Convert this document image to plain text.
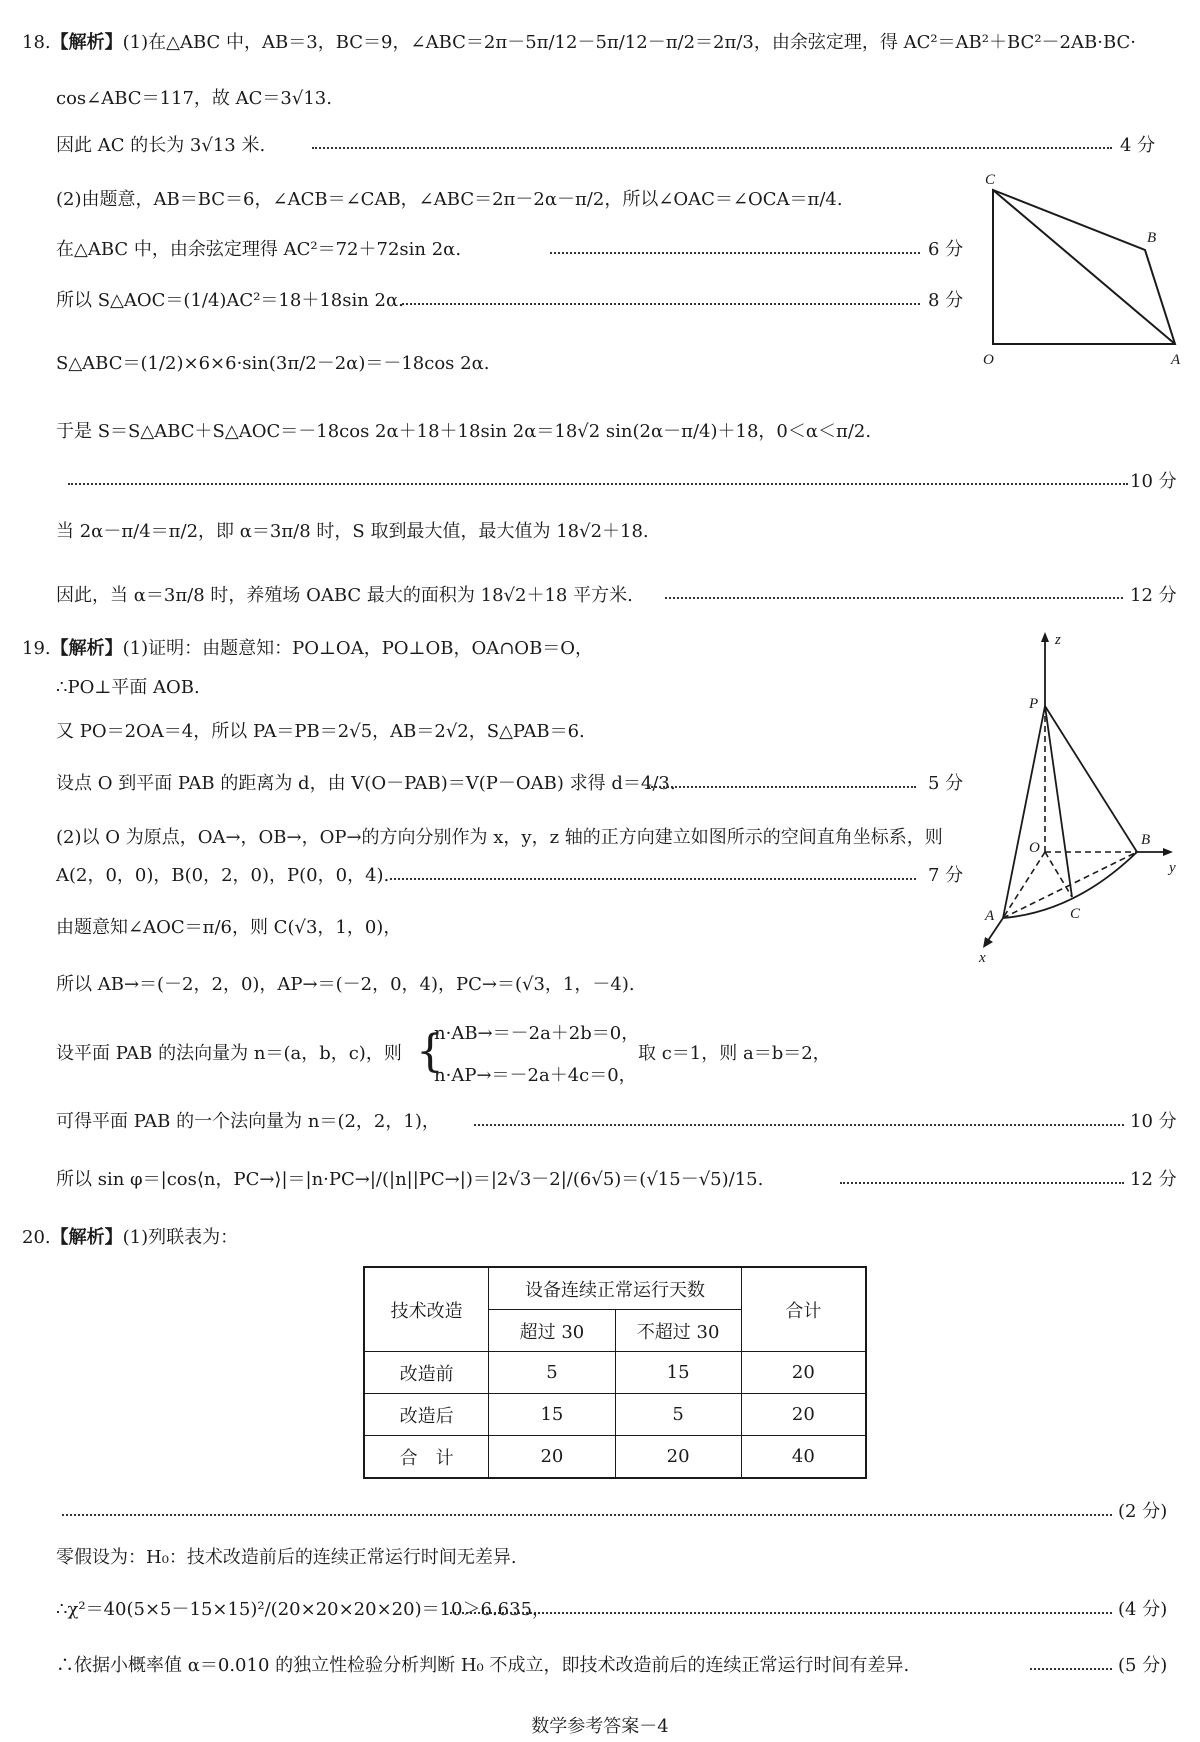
18.【解析】(1)在△ABC 中，AB＝3，BC＝9，∠ABC＝2π－5π/12－5π/12－π/2＝2π/3，由余弦定理，得 AC²＝AB²＋BC²－2AB·BC·
cos∠ABC＝117，故 AC＝3√13.
因此 AC 的长为 3√13 米.	4 分
(2)由题意，AB＝BC＝6，∠ACB＝∠CAB，∠ABC＝2π－2α－π/2，所以∠OAC＝∠OCA＝π/4.
在△ABC 中，由余弦定理得 AC²＝72＋72sin 2α.	6 分
所以 S△AOC＝(1/4)AC²＝18＋18sin 2α.	8 分
S△ABC＝(1/2)×6×6·sin(3π/2－2α)＝－18cos 2α.
于是 S＝S△ABC＋S△AOC＝－18cos 2α＋18＋18sin 2α＝18√2 sin(2α－π/4)＋18，0＜α＜π/2.
10 分
当 2α－π/4＝π/2，即 α＝3π/8 时，S 取到最大值，最大值为 18√2＋18.
因此，当 α＝3π/8 时，养殖场 OABC 最大的面积为 18√2＋18 平方米.	12 分
C
B
O	A
19.【解析】(1)证明：由题意知：PO⊥OA，PO⊥OB，OA∩OB＝O，
∴PO⊥平面 AOB.
又 PO＝2OA＝4，所以 PA＝PB＝2√5，AB＝2√2，S△PAB＝6.
设点 O 到平面 PAB 的距离为 d，由 V(O－PAB)＝V(P－OAB) 求得 d＝4/3.	5 分
(2)以 O 为原点，OA→，OB→，OP→的方向分别作为 x，y，z 轴的正方向建立如图所示的空间直角坐标系，则
A(2，0，0)，B(0，2，0)，P(0，0，4).	7 分
由题意知∠AOC＝π/6，则 C(√3，1，0)，
所以 AB→＝(－2，2，0)，AP→＝(－2，0，4)，PC→＝(√3，1，－4).
设平面 PAB 的法向量为 n＝(a，b，c)，则 {
n·AB→＝－2a＋2b＝0，
n·AP→＝－2a＋4c＝0，
取 c＝1，则 a＝b＝2，
可得平面 PAB 的一个法向量为 n＝(2，2，1)，	10 分
所以 sin φ＝|cos⟨n，PC→⟩|＝|n·PC→|/(|n||PC→|)＝|2√3－2|/(6√5)＝(√15－√5)/15.	12 分
z
P
O	B
y
A	C
x
20.【解析】(1)列联表为：
技术改造	设备连续正常运行天数		合计
	超过 30	不超过 30	
改造前	5	15	20
改造后	15	5	20
合　计	20	20	40
(2 分)
零假设为：H₀：技术改造前后的连续正常运行时间无差异.
∴χ²＝40(5×5－15×15)²/(20×20×20×20)＝10＞6.635，	(4 分)
∴依据小概率值 α＝0.010 的独立性检验分析判断 H₀ 不成立，即技术改造前后的连续正常运行时间有差异.	(5 分)
数学参考答案－4
